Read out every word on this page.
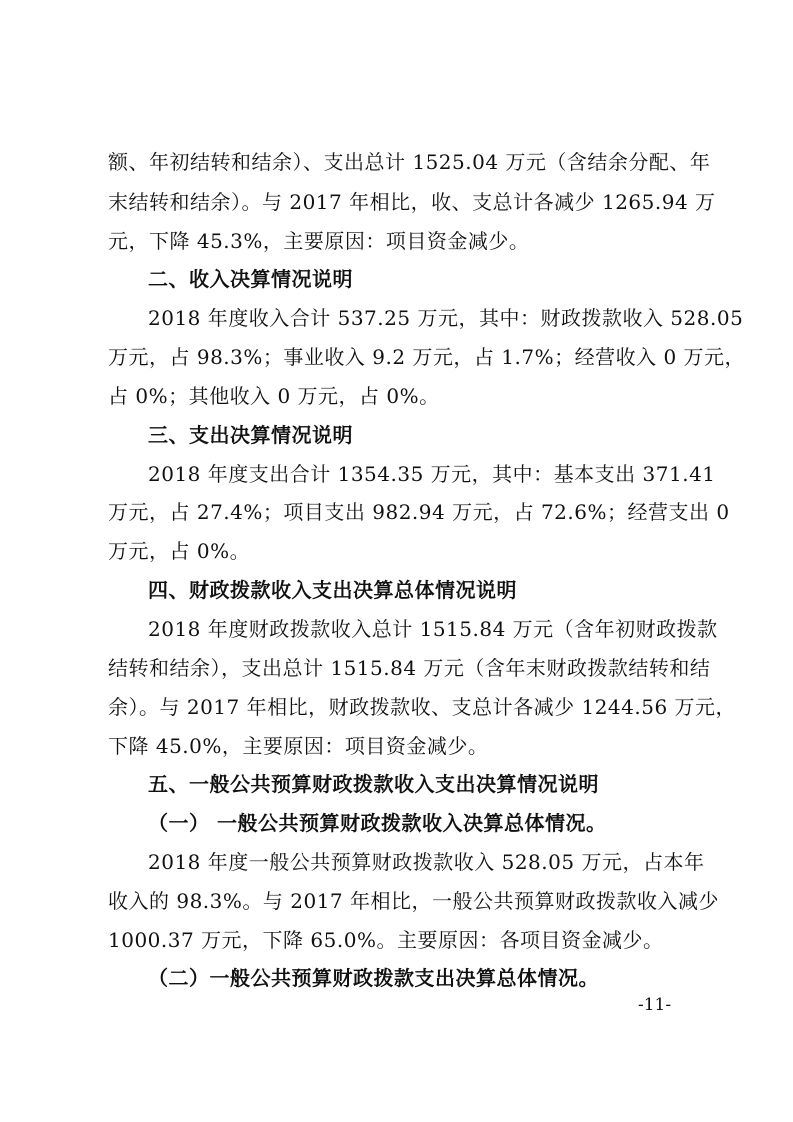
额、年初结转和结余）、支出总计 1525.04 万元（含结余分配、年
末结转和结余）。与 2017 年相比，收、支总计各减少 1265.94 万
元，下降 45.3%，主要原因：项目资金减少。
二、收入决算情况说明
2018 年度收入合计 537.25 万元，其中：财政拨款收入 528.05
万元，占 98.3%；事业收入 9.2 万元，占 1.7%；经营收入 0 万元，
占 0%；其他收入 0 万元，占 0%。
三、支出决算情况说明
2018 年度支出合计 1354.35 万元，其中：基本支出 371.41
万元，占 27.4%；项目支出 982.94 万元，占 72.6%；经营支出 0
万元，占 0%。
四、财政拨款收入支出决算总体情况说明
2018 年度财政拨款收入总计 1515.84 万元（含年初财政拨款
结转和结余），支出总计 1515.84 万元（含年末财政拨款结转和结
余）。与 2017 年相比，财政拨款收、支总计各减少 1244.56 万元，
下降 45.0%，主要原因：项目资金减少。
五、一般公共预算财政拨款收入支出决算情况说明
（一） 一般公共预算财政拨款收入决算总体情况。
2018 年度一般公共预算财政拨款收入 528.05 万元，占本年
收入的 98.3%。与 2017 年相比，一般公共预算财政拨款收入减少
1000.37 万元，下降 65.0%。主要原因：各项目资金减少。
（二）一般公共预算财政拨款支出决算总体情况。
-11-
